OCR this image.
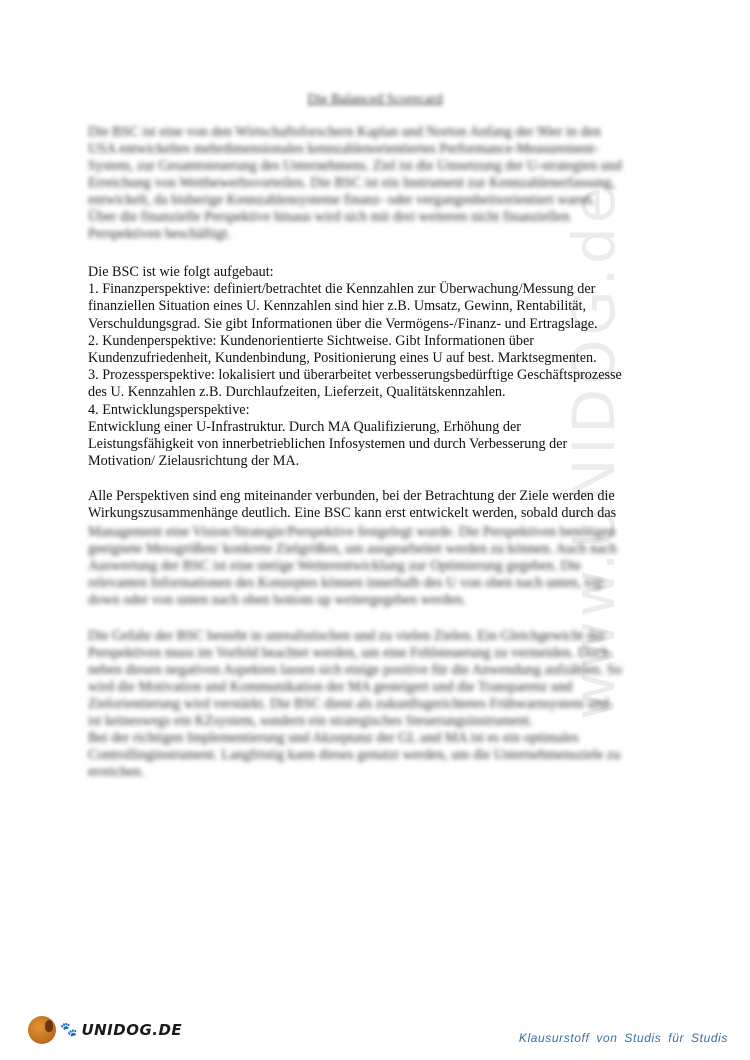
www.UNIDOG.de
Die Balanced Scorecard
Die BSC ist eine von den Wirtschaftsforschern Kaplan und Norton Anfang der 90er in den
USA entwickeltes mehrdimensionales kennzahlenorientiertes Performance-Measurement-
System, zur Gesamtsteuerung des Unternehmens. Ziel ist die Umsetzung der U-strategien und
Erreichung von Wettbewerbsvorteilen. Die BSC ist ein Instrument zur Kennzahlenerfassung,
entwickelt, da bisherige Kennzahlensysteme finanz- oder vergangenheitsorientiert waren.
Über die finanzielle Perspektive hinaus wird sich mit drei weiteren nicht finanziellen
Perspektiven beschäftigt.
Die BSC ist wie folgt aufgebaut:
1. Finanzperspektive: definiert/betrachtet die Kennzahlen zur Überwachung/Messung der
finanziellen Situation eines U. Kennzahlen sind hier z.B. Umsatz, Gewinn, Rentabilität,
Verschuldungsgrad. Sie gibt Informationen über die Vermögens-/Finanz- und Ertragslage.
2. Kundenperspektive: Kundenorientierte Sichtweise. Gibt Informationen über
Kundenzufriedenheit, Kundenbindung, Positionierung eines U auf best. Marktsegmenten.
3. Prozessperspektive: lokalisiert und überarbeitet verbesserungsbedürftige Geschäftsprozesse
des U. Kennzahlen z.B. Durchlaufzeiten, Lieferzeit, Qualitätskennzahlen.
4. Entwicklungsperspektive:
Entwicklung einer U-Infrastruktur. Durch MA Qualifizierung, Erhöhung der
Leistungsfähigkeit von innerbetrieblichen Infosystemen und durch Verbesserung der
Motivation/ Zielausrichtung der MA.
Alle Perspektiven sind eng miteinander verbunden, bei der Betrachtung der Ziele werden die
Wirkungszusammenhänge deutlich. Eine BSC kann erst entwickelt werden, sobald durch das
Management eine Vision/Strategie/Perspektive festgelegt wurde. Die Perspektiven benötigen
geeignete Messgrößen/ konkrete Zielgrößen, um ausgearbeitet werden zu können. Auch nach
Auswertung der BSC ist eine stetige Weiterentwicklung zur Optimierung gegeben. Die
relevanten Informationen des Konzeptes können innerhalb des U von oben nach unten, top
down oder von unten nach oben bottom up weitergegeben werden.
Die Gefahr der BSC besteht in unrealistischen und zu vielen Zielen. Ein Gleichgewicht der
Perspektiven muss im Vorfeld beachtet werden, um eine Fehlsteuerung zu vermeiden. Doch
neben diesen negativen Aspekten lassen sich einige positive für die Anwendung aufzählen. So
wird die Motivation und Kommunikation der MA gesteigert und die Transparenz und
Zielorientierung wird verstärkt. Die BSC dient als zukunftsgerichtetes Frühwarnsystem und
ist keineswegs ein KZsystem, sondern ein strategisches Steuerungsinstrument.
Bei der richtigen Implementierung und Akzeptanz der GL und MA ist es ein optimales
Controllinginstrument. Langfristig kann dieses genutzt werden, um die Unternehmensziele zu
erreichen.
🐾 UNIDOG.DE	Klausurstoff von Studis für Studis
